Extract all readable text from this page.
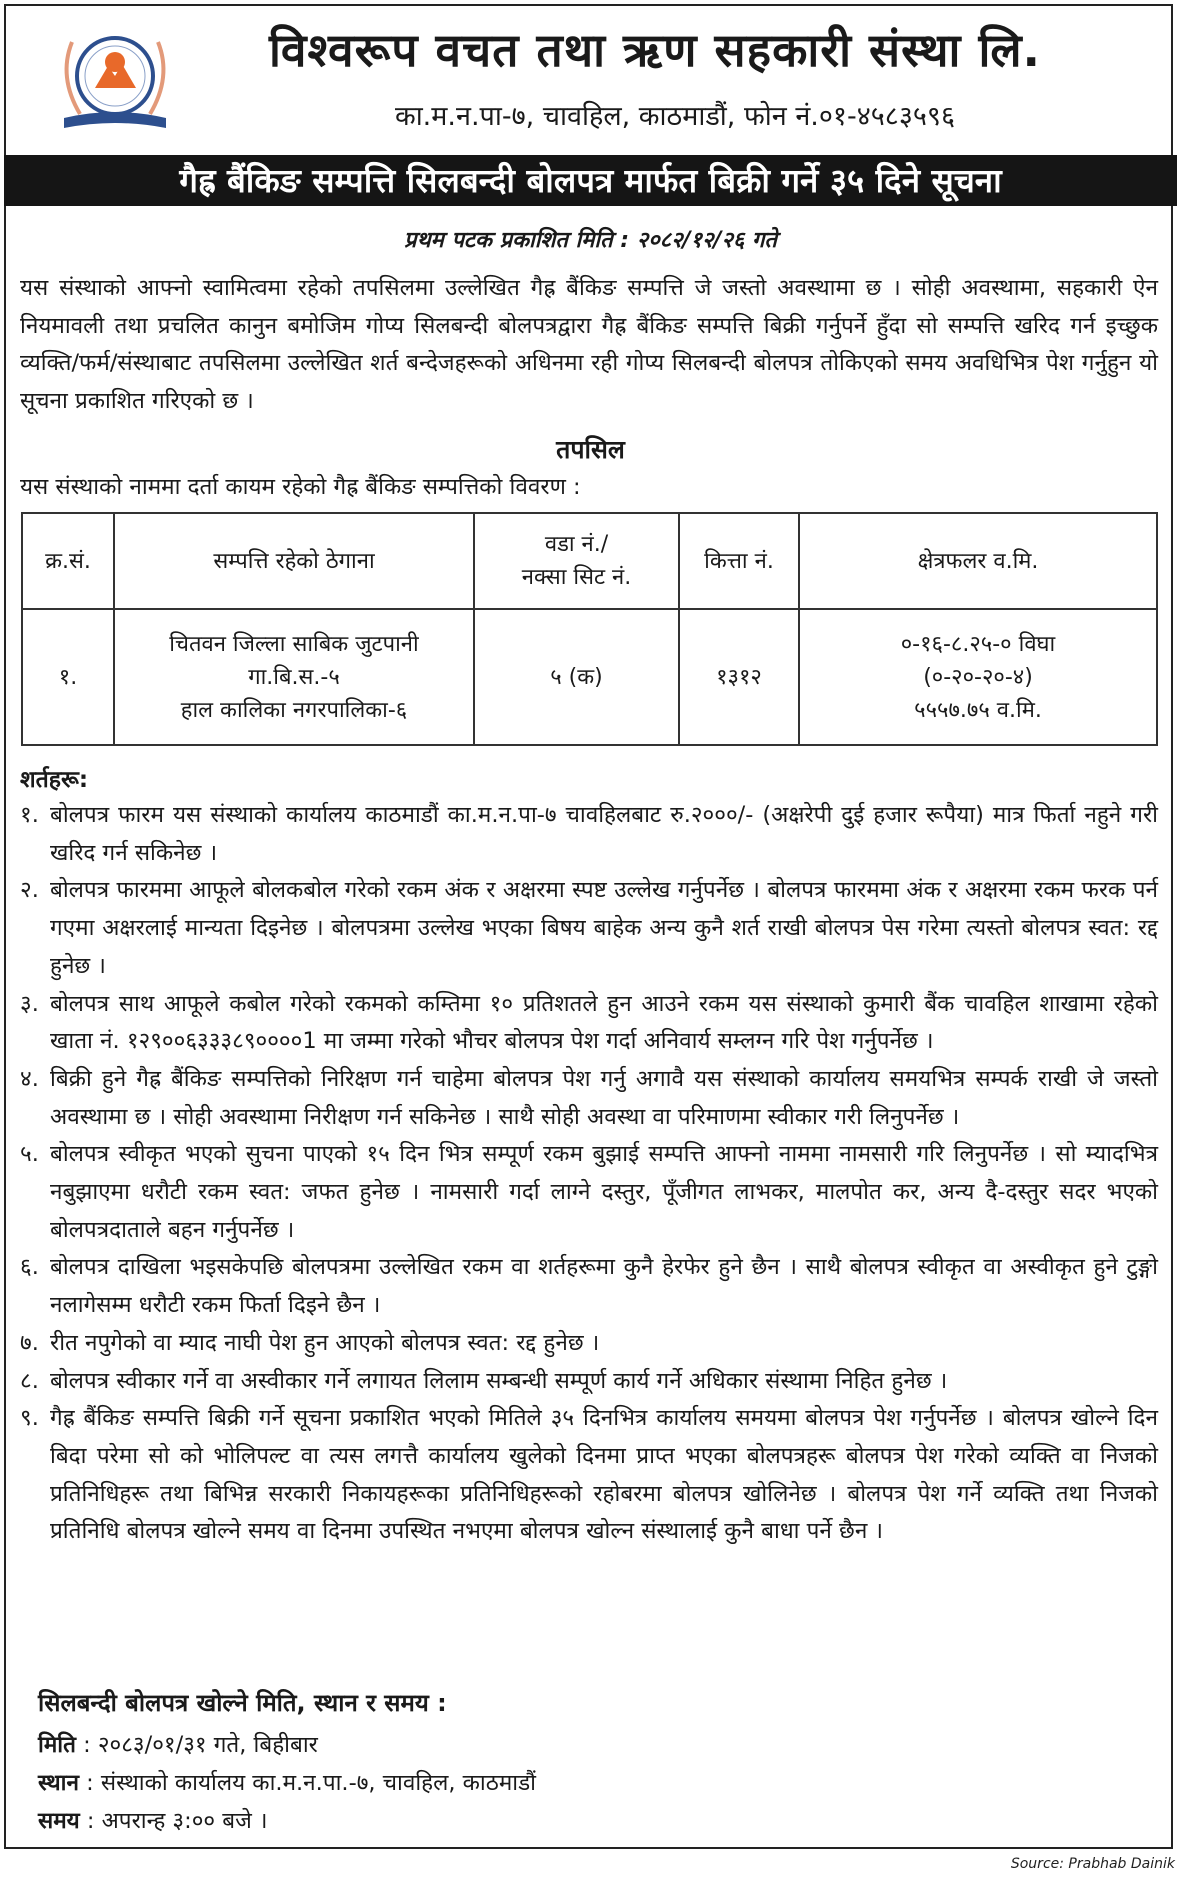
विश्वरूप वचत तथा ऋण सहकारी संस्था लि.
का.म.न.पा-७, चावहिल, काठमाडौं, फोन नं.०१-४५८३५९६
गैह्र बैंकिङ सम्पत्ति सिलबन्दी बोलपत्र मार्फत बिक्री गर्ने ३५ दिने सूचना
प्रथम पटक प्रकाशित मिति : २०८२/१२/२६ गते
यस संस्थाको आफ्नो स्वामित्वमा रहेको तपसिलमा उल्लेखित गैह्र बैंकिङ सम्पत्ति जे जस्तो अवस्थामा छ । सोही अवस्थामा, सहकारी ऐन नियमावली तथा प्रचलित कानुन बमोजिम गोप्य सिलबन्दी बोलपत्रद्वारा गैह्र बैंकिङ सम्पत्ति बिक्री गर्नुपर्ने हुँदा सो सम्पत्ति खरिद गर्न इच्छुक व्यक्ति/फर्म/संस्थाबाट तपसिलमा उल्लेखित शर्त बन्देजहरूको अधिनमा रही गोप्य सिलबन्दी बोलपत्र तोकिएको समय अवधिभित्र पेश गर्नुहुन यो सूचना प्रकाशित गरिएको छ ।
तपसिल
यस संस्थाको नाममा दर्ता कायम रहेको गैह्र बैंकिङ सम्पत्तिको विवरण :
क्र.सं.	सम्पत्ति रहेको ठेगाना	वडा नं./
नक्सा सिट नं.	कित्ता नं.	क्षेत्रफलर व.मि.
१.	चितवन जिल्ला साबिक जुटपानी
गा.बि.स.-५
हाल कालिका नगरपालिका-६	५ (क)	१३१२	०-१६-८.२५-० विघा
(०-२०-२०-४)
५५५७.७५ व.मि.
शर्तहरू:
१. बोलपत्र फारम यस संस्थाको कार्यालय काठमाडौं का.म.न.पा-७ चावहिलबाट रु.२०००/- (अक्षरेपी दुई हजार रूपैया) मात्र फिर्ता नहुने गरी खरिद गर्न सकिनेछ ।
२. बोलपत्र फारममा आफूले बोलकबोल गरेको रकम अंक र अक्षरमा स्पष्ट उल्लेख गर्नुपर्नेछ । बोलपत्र फारममा अंक र अक्षरमा रकम फरक पर्न गएमा अक्षरलाई मान्यता दिइनेछ । बोलपत्रमा उल्लेख भएका बिषय बाहेक अन्य कुनै शर्त राखी बोलपत्र पेस गरेमा त्यस्तो बोलपत्र स्वत: रद्द हुनेछ ।
३. बोलपत्र साथ आफूले कबोल गरेको रकमको कम्तिमा १० प्रतिशतले हुन आउने रकम यस संस्थाको कुमारी बैंक चावहिल शाखामा रहेको खाता नं. १२९००६३३३८९००००1 मा जम्मा गरेको भौचर बोलपत्र पेश गर्दा अनिवार्य सम्लग्न गरि पेश गर्नुपर्नेछ ।
४. बिक्री हुने गैह्र बैंकिङ सम्पत्तिको निरिक्षण गर्न चाहेमा बोलपत्र पेश गर्नु अगावै यस संस्थाको कार्यालय समयभित्र सम्पर्क राखी जे जस्तो अवस्थामा छ । सोही अवस्थामा निरीक्षण गर्न सकिनेछ । साथै सोही अवस्था वा परिमाणमा स्वीकार गरी लिनुपर्नेछ ।
५. बोलपत्र स्वीकृत भएको सुचना पाएको १५ दिन भित्र सम्पूर्ण रकम बुझाई सम्पत्ति आफ्नो नाममा नामसारी गरि लिनुपर्नेछ । सो म्यादभित्र नबुझाएमा धरौटी रकम स्वत: जफत हुनेछ । नामसारी गर्दा लाग्ने दस्तुर, पूँजीगत लाभकर, मालपोत कर, अन्य दै-दस्तुर सदर भएको बोलपत्रदाताले बहन गर्नुपर्नेछ ।
६. बोलपत्र दाखिला भइसकेपछि बोलपत्रमा उल्लेखित रकम वा शर्तहरूमा कुनै हेरफेर हुने छैन । साथै बोलपत्र स्वीकृत वा अस्वीकृत हुने टुङ्गो नलागेसम्म धरौटी रकम फिर्ता दिइने छैन ।
७. रीत नपुगेको वा म्याद नाघी पेश हुन आएको बोलपत्र स्वत: रद्द हुनेछ ।
८. बोलपत्र स्वीकार गर्ने वा अस्वीकार गर्ने लगायत लिलाम सम्बन्धी सम्पूर्ण कार्य गर्ने अधिकार संस्थामा निहित हुनेछ ।
९. गैह्र बैंकिङ सम्पत्ति बिक्री गर्ने सूचना प्रकाशित भएको मितिले ३५ दिनभित्र कार्यालय समयमा बोलपत्र पेश गर्नुपर्नेछ । बोलपत्र खोल्ने दिन बिदा परेमा सो को भोलिपल्ट वा त्यस लगत्तै कार्यालय खुलेको दिनमा प्राप्त भएका बोलपत्रहरू बोलपत्र पेश गरेको व्यक्ति वा निजको प्रतिनिधिहरू तथा बिभिन्न सरकारी निकायहरूका प्रतिनिधिहरूको रहोबरमा बोलपत्र खोलिनेछ । बोलपत्र पेश गर्ने व्यक्ति तथा निजको प्रतिनिधि बोलपत्र खोल्ने समय वा दिनमा उपस्थित नभएमा बोलपत्र खोल्न संस्थालाई कुनै बाधा पर्ने छैन ।
सिलबन्दी बोलपत्र खोल्ने मिति, स्थान र समय :
मिति : २०८३/०१/३१ गते, बिहीबार
स्थान : संस्थाको कार्यालय का.म.न.पा.-७, चावहिल, काठमाडौं
समय : अपरान्ह ३:०० बजे ।
Source: Prabhab Dainik
